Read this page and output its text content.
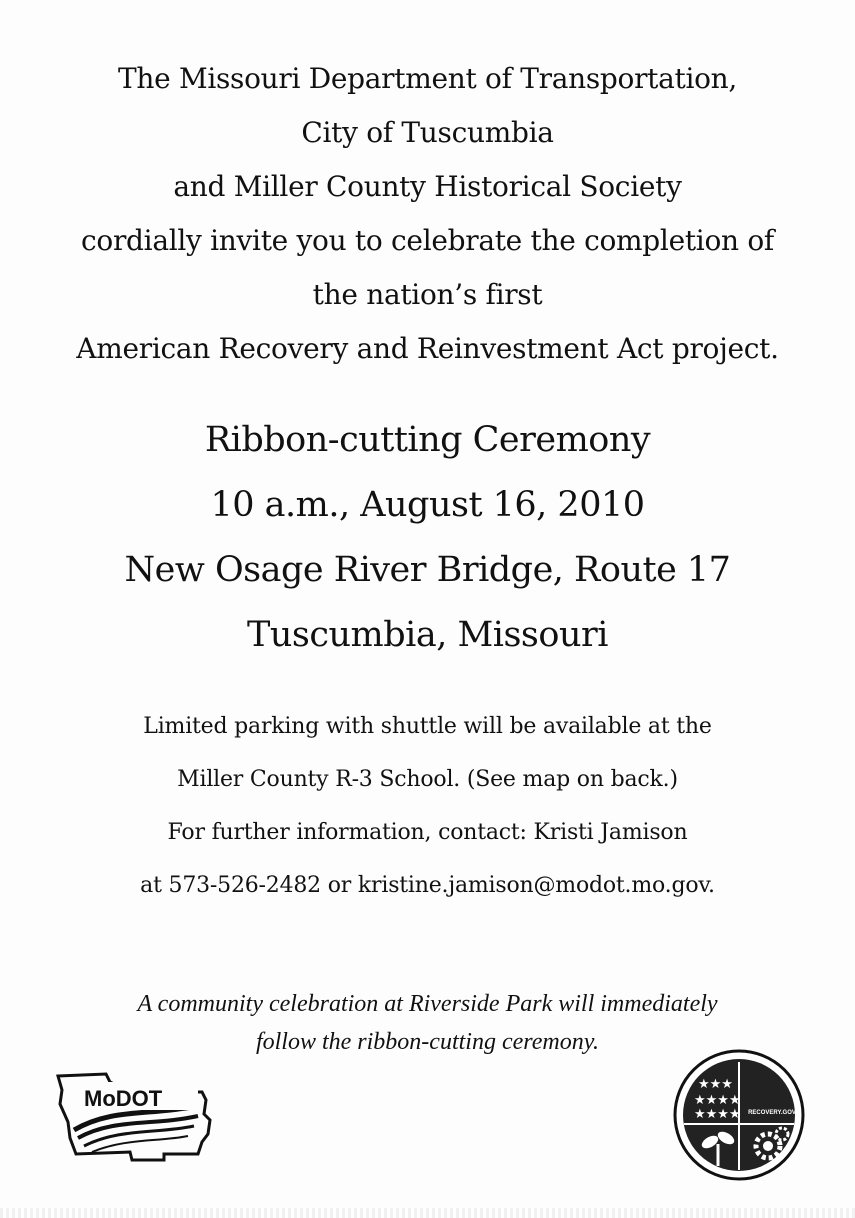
The Missouri Department of Transportation,
City of Tuscumbia
and Miller County Historical Society
cordially invite you to celebrate the completion of
the nation’s first
American Recovery and Reinvestment Act project.
Ribbon-cutting Ceremony
10 a.m., August 16, 2010
New Osage River Bridge, Route 17
Tuscumbia, Missouri
Limited parking with shuttle will be available at the
Miller County R-3 School. (See map on back.)
For further information, contact: Kristi Jamison
at 573-526-2482 or kristine.jamison@modot.mo.gov.
A community celebration at Riverside Park will immediately
follow the ribbon-cutting ceremony.
MoDOT
★★★
★★★★
★★★★ RECOVERY.GOV
